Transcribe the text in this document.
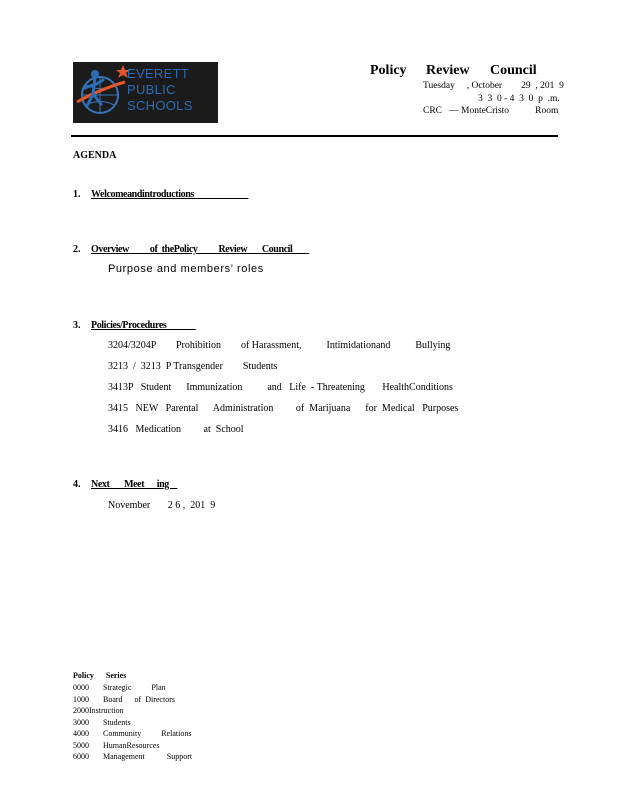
EVERETT
PUBLIC
SCHOOLS
Policy Review Council
Tuesday     , October        29  , 201  9
3  3  0 - 4  3  0  p  .m.
CRC   — MonteCristo           Room
AGENDA
1. Welcomeandintroductions
2. Overview          of  thePolicy          Review       Council
Purpose and members’ roles
3. Policies/Procedures
3204/3204P        Prohibition        of Harassment,          Intimidationand          Bullying
3213  /  3213  P Transgender        Students
3413P   Student      Immunization          and   Life  - Threatening       HealthConditions
3415   NEW   Parental      Administration         of  Marijuana      for  Medical   Purposes
3416   Medication         at  School
4. Next       Meet      ing
November       2 6 ,  201  9
Policy      Series
0000       Strategic          Plan
1000       Board      of  Directors
2000Instruction
3000       Students
4000       Community          Relations
5000       HumanResources
6000       Management           Support
